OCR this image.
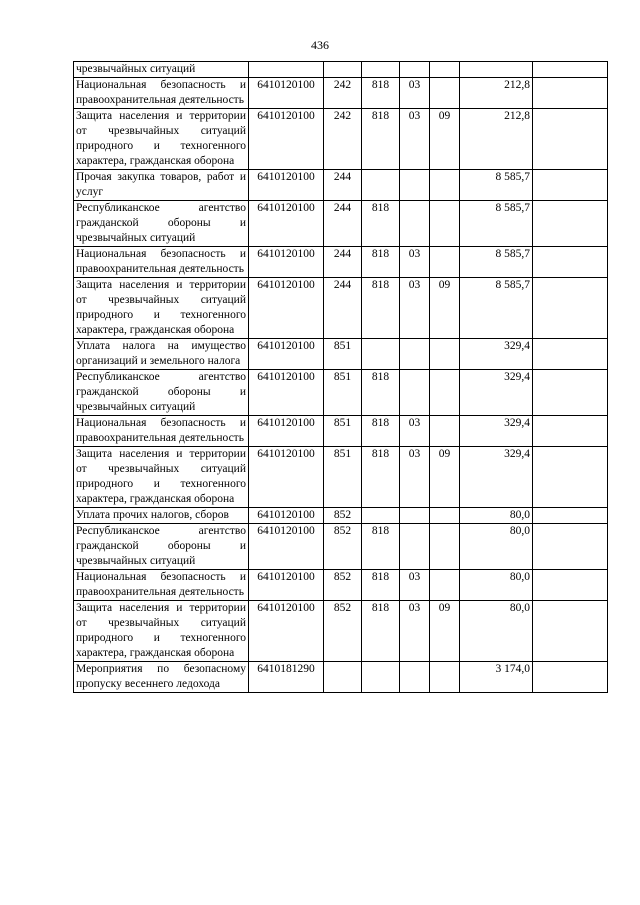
436
чрезвычайных ситуаций							
Национальная безопасность и правоохранительная деятельность	6410120100	242	818	03		212,8	
Защита населения и территории от чрезвычайных ситуаций природного и техногенного характера, гражданская оборона	6410120100	242	818	03	09	212,8	
Прочая закупка товаров, работ и услуг	6410120100	244				8 585,7	
Республиканское агентство гражданской обороны и чрезвычайных ситуаций	6410120100	244	818			8 585,7	
Национальная безопасность и правоохранительная деятельность	6410120100	244	818	03		8 585,7	
Защита населения и территории от чрезвычайных ситуаций природного и техногенного характера, гражданская оборона	6410120100	244	818	03	09	8 585,7	
Уплата налога на имущество организаций и земельного налога	6410120100	851				329,4	
Республиканское агентство гражданской обороны и чрезвычайных ситуаций	6410120100	851	818			329,4	
Национальная безопасность и правоохранительная деятельность	6410120100	851	818	03		329,4	
Защита населения и территории от чрезвычайных ситуаций природного и техногенного характера, гражданская оборона	6410120100	851	818	03	09	329,4	
Уплата прочих налогов, сборов	6410120100	852				80,0	
Республиканское агентство гражданской обороны и чрезвычайных ситуаций	6410120100	852	818			80,0	
Национальная безопасность и правоохранительная деятельность	6410120100	852	818	03		80,0	
Защита населения и территории от чрезвычайных ситуаций природного и техногенного характера, гражданская оборона	6410120100	852	818	03	09	80,0	
Мероприятия по безопасному пропуску весеннего ледохода	6410181290					3 174,0	
